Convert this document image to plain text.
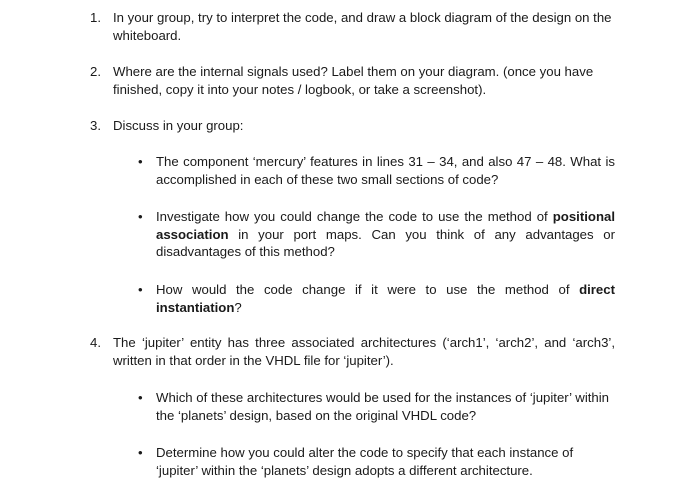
1. In your group, try to interpret the code, and draw a block diagram of the design on the whiteboard.
2. Where are the internal signals used? Label them on your diagram. (once you have finished, copy it into your notes / logbook, or take a screenshot).
3. Discuss in your group:
•	The component ‘mercury’ features in lines 31 – 34, and also 47 – 48. What is accomplished in each of these two small sections of code?
•	Investigate how you could change the code to use the method of positional association in your port maps. Can you think of any advantages or disadvantages of this method?
•	How would the code change if it were to use the method of direct instantiation?
4. The ‘jupiter’ entity has three associated architectures (‘arch1’, ‘arch2’, and ‘arch3’, written in that order in the VHDL file for ‘jupiter’).
•	Which of these architectures would be used for the instances of ‘jupiter’ within the ‘planets’ design, based on the original VHDL code?
•	Determine how you could alter the code to specify that each instance of ‘jupiter’ within the ‘planets’ design adopts a different architecture.
